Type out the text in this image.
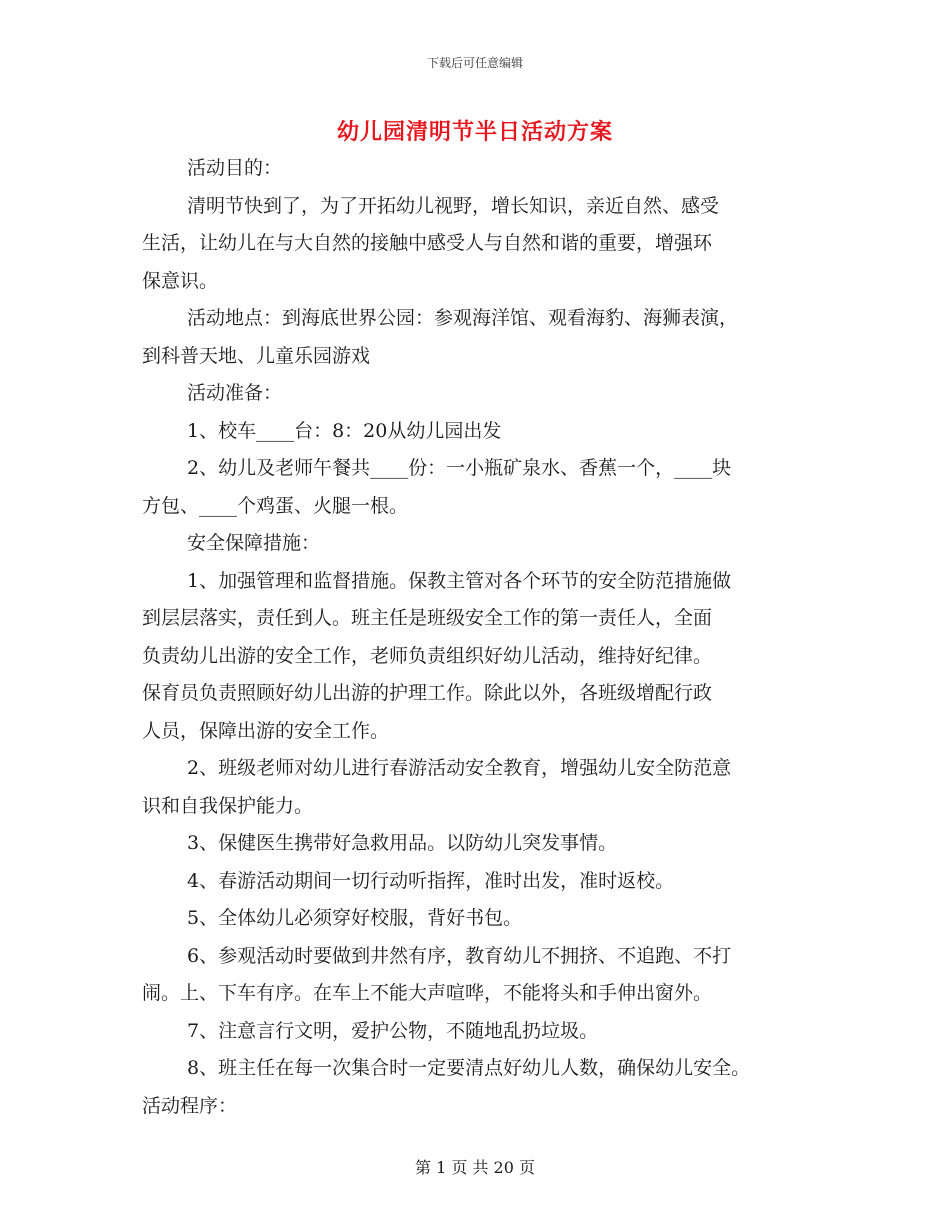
下载后可任意编辑
幼儿园清明节半日活动方案
活动目的：
清明节快到了，为了开拓幼儿视野，增长知识，亲近自然、感受
生活，让幼儿在与大自然的接触中感受人与自然和谐的重要，增强环
保意识。
活动地点：到海底世界公园：参观海洋馆、观看海豹、海狮表演，
到科普天地、儿童乐园游戏
活动准备：
1、校车____台：8：20从幼儿园出发
2、幼儿及老师午餐共____份：一小瓶矿泉水、香蕉一个，____块
方包、____个鸡蛋、火腿一根。
安全保障措施：
1、加强管理和监督措施。保教主管对各个环节的安全防范措施做
到层层落实，责任到人。班主任是班级安全工作的第一责任人，全面
负责幼儿出游的安全工作，老师负责组织好幼儿活动，维持好纪律。
保育员负责照顾好幼儿出游的护理工作。除此以外，各班级增配行政
人员，保障出游的安全工作。
2、班级老师对幼儿进行春游活动安全教育，增强幼儿安全防范意
识和自我保护能力。
3、保健医生携带好急救用品。以防幼儿突发事情。
4、春游活动期间一切行动听指挥，准时出发，准时返校。
5、全体幼儿必须穿好校服，背好书包。
6、参观活动时要做到井然有序，教育幼儿不拥挤、不追跑、不打
闹。上、下车有序。在车上不能大声喧哗，不能将头和手伸出窗外。
7、注意言行文明，爱护公物，不随地乱扔垃圾。
8、班主任在每一次集合时一定要清点好幼儿人数，确保幼儿安全。
活动程序：
第 1 页 共 20 页
